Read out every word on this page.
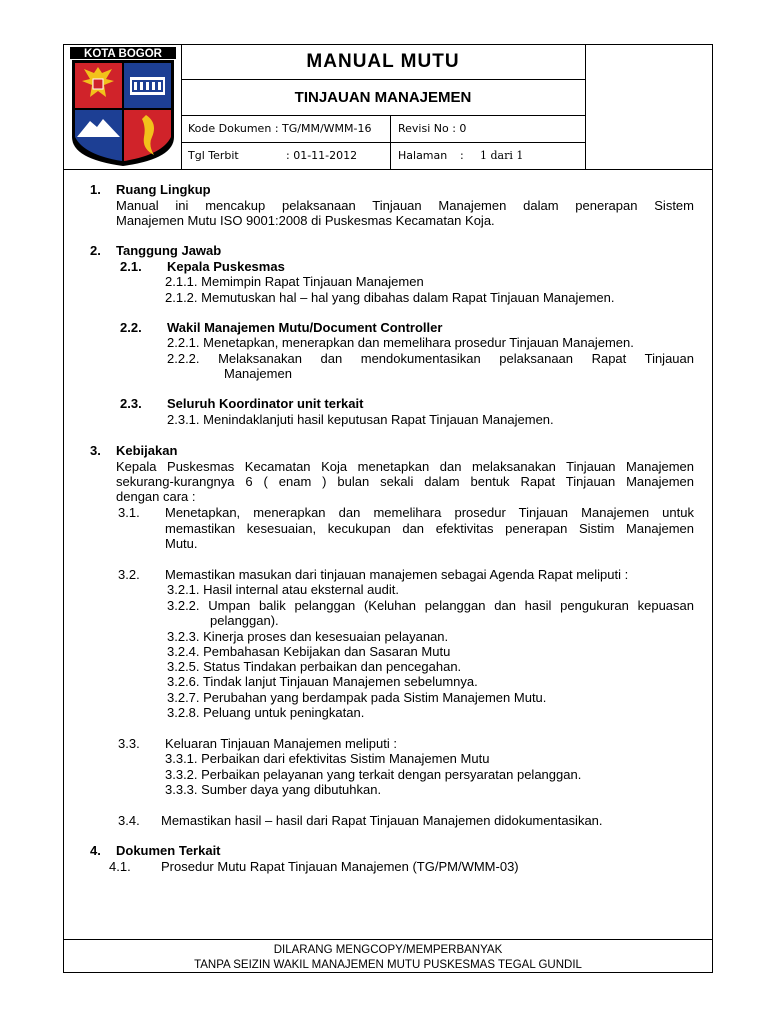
KOTA BOGOR	MANUAL MUTU
TINJAUAN MANAJEMEN
Kode Dokumen : TG/MM/WMM-16	Revisi No : 0
Tgl Terbit	: 01-11-2012	Halaman : 1 dari 1
1. Ruang Lingkup
Manual ini mencakup pelaksanaan Tinjauan Manajemen dalam penerapan Sistem
Manajemen Mutu ISO 9001:2008 di Puskesmas Kecamatan Koja.
2. Tanggung Jawab
2.1. Kepala Puskesmas
2.1.1. Memimpin Rapat Tinjauan Manajemen
2.1.2. Memutuskan hal – hal yang dibahas dalam Rapat Tinjauan Manajemen.
2.2. Wakil Manajemen Mutu/Document Controller
2.2.1. Menetapkan, menerapkan dan memelihara prosedur Tinjauan Manajemen.
2.2.2. Melaksanakan dan mendokumentasikan pelaksanaan Rapat Tinjauan
Manajemen
2.3. Seluruh Koordinator unit terkait
2.3.1. Menindaklanjuti hasil keputusan Rapat Tinjauan Manajemen.
3. Kebijakan
Kepala Puskesmas Kecamatan Koja menetapkan dan melaksanakan Tinjauan Manajemen
sekurang-kurangnya 6 ( enam ) bulan sekali dalam bentuk Rapat Tinjauan Manajemen
dengan cara :
3.1. Menetapkan, menerapkan dan memelihara prosedur Tinjauan Manajemen untuk
memastikan kesesuaian, kecukupan dan efektivitas penerapan Sistim Manajemen
Mutu.
3.2. Memastikan masukan dari tinjauan manajemen sebagai Agenda Rapat meliputi :
3.2.1. Hasil internal atau eksternal audit.
3.2.2. Umpan balik pelanggan (Keluhan pelanggan dan hasil pengukuran kepuasan
pelanggan).
3.2.3. Kinerja proses dan kesesuaian pelayanan.
3.2.4. Pembahasan Kebijakan dan Sasaran Mutu
3.2.5. Status Tindakan perbaikan dan pencegahan.
3.2.6. Tindak lanjut Tinjauan Manajemen sebelumnya.
3.2.7. Perubahan yang berdampak pada Sistim Manajemen Mutu.
3.2.8. Peluang untuk peningkatan.
3.3. Keluaran Tinjauan Manajemen meliputi :
3.3.1. Perbaikan dari efektivitas Sistim Manajemen Mutu
3.3.2. Perbaikan pelayanan yang terkait dengan persyaratan pelanggan.
3.3.3. Sumber daya yang dibutuhkan.
3.4. Memastikan hasil – hasil dari Rapat Tinjauan Manajemen didokumentasikan.
4. Dokumen Terkait
4.1. Prosedur Mutu Rapat Tinjauan Manajemen (TG/PM/WMM-03)
DILARANG MENGCOPY/MEMPERBANYAK
TANPA SEIZIN WAKIL MANAJEMEN MUTU PUSKESMAS TEGAL GUNDIL
